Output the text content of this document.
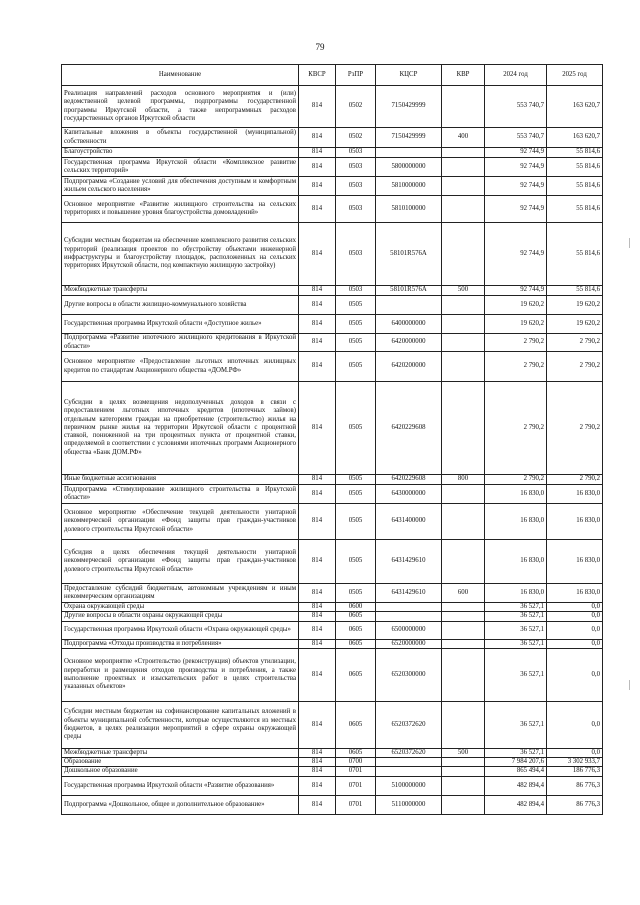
79
Наименование	КВСР	РзПР	КЦСР	КВР	2024 год	2025 год
Реализация направлений расходов основного мероприятия и (или) ведомственной целевой программы, подпрограммы государственной программы Иркутской области, а также непрограммных расходов государственных органов Иркутской области	814	0502	7150429999		553 740,7	163 620,7
Капитальные вложения в объекты государственной (муниципальной) собственности	814	0502	7150429999	400	553 740,7	163 620,7
Благоустройство	814	0503			92 744,9	55 814,6
Государственная программа Иркутской области «Комплексное развитие сельских территорий»	814	0503	5800000000		92 744,9	55 814,6
Подпрограмма «Создание условий для обеспечения доступным и комфортным жильем сельского населения»	814	0503	5810000000		92 744,9	55 814,6
Основное мероприятие «Развитие жилищного строительства на сельских территориях и повышение уровня благоустройства домовладений»	814	0503	5810100000		92 744,9	55 814,6
Субсидии местным бюджетам на обеспечение комплексного развития сельских территорий (реализация проектов по обустройству объектами инженерной инфраструктуры и благоустройству площадок, расположенных на сельских территориях Иркутской области, под компактную жилищную застройку)	814	0503	58101R576A		92 744,9	55 814,6
Межбюджетные трансферты	814	0503	58101R576A	500	92 744,9	55 814,6
Другие вопросы в области жилищно-коммунального хозяйства	814	0505			19 620,2	19 620,2
Государственная программа Иркутской области «Доступное жилье»	814	0505	6400000000		19 620,2	19 620,2
Подпрограмма «Развитие ипотечного жилищного кредитования в Иркутской области»	814	0505	6420000000		2 790,2	2 790,2
Основное мероприятие «Предоставление льготных ипотечных жилищных кредитов по стандартам Акционерного общества «ДОМ.РФ»	814	0505	6420200000		2 790,2	2 790,2
Субсидии в целях возмещения недополученных доходов в связи с предоставлением льготных ипотечных кредитов (ипотечных займов) отдельным категориям граждан на приобретение (строительство) жилья на первичном рынке жилья на территории Иркутской области с процентной ставкой, пониженной на три процентных пункта от процентной ставки, определяемой в соответствии с условиями ипотечных программ Акционерного общества «Банк ДОМ.РФ»	814	0505	6420229608		2 790,2	2 790,2
Иные бюджетные ассигнования	814	0505	6420229608	800	2 790,2	2 790,2
Подпрограмма «Стимулирование жилищного строительства в Иркутской области»	814	0505	6430000000		16 830,0	16 830,0
Основное мероприятие «Обеспечение текущей деятельности унитарной некоммерческой организации «Фонд защиты прав граждан-участников долевого строительства Иркутской области»	814	0505	6431400000		16 830,0	16 830,0
Субсидия в целях обеспечения текущей деятельности унитарной некоммерческой организации «Фонд защиты прав граждан-участников долевого строительства Иркутской области»	814	0505	6431429610		16 830,0	16 830,0
Предоставление субсидий бюджетным, автономным учреждениям и иным некоммерческим организациям	814	0505	6431429610	600	16 830,0	16 830,0
Охрана окружающей среды	814	0600			36 527,1	0,0
Другие вопросы в области охраны окружающей среды	814	0605			36 527,1	0,0
Государственная программа Иркутской области «Охрана окружающей среды»	814	0605	6500000000		36 527,1	0,0
Подпрограмма «Отходы производства и потребления»	814	0605	6520000000		36 527,1	0,0
Основное мероприятие «Строительство (реконструкция) объектов утилизации, переработки и размещения отходов производства и потребления, а также выполнение проектных и изыскательских работ в целях строительства указанных объектов»	814	0605	6520300000		36 527,1	0,0
Субсидии местным бюджетам на софинансирование капитальных вложений в объекты муниципальной собственности, которые осуществляются из местных бюджетов, в целях реализации мероприятий в сфере охраны окружающей среды	814	0605	6520372620		36 527,1	0,0
Межбюджетные трансферты	814	0605	6520372620	500	36 527,1	0,0
Образование	814	0700			7 984 207,6	3 302 933,7
Дошкольное образование	814	0701			865 494,4	186 776,3
Государственная программа Иркутской области «Развитие образования»	814	0701	5100000000		482 894,4	86 776,3
Подпрограмма «Дошкольное, общее и дополнительное образование»	814	0701	5110000000		482 894,4	86 776,3
